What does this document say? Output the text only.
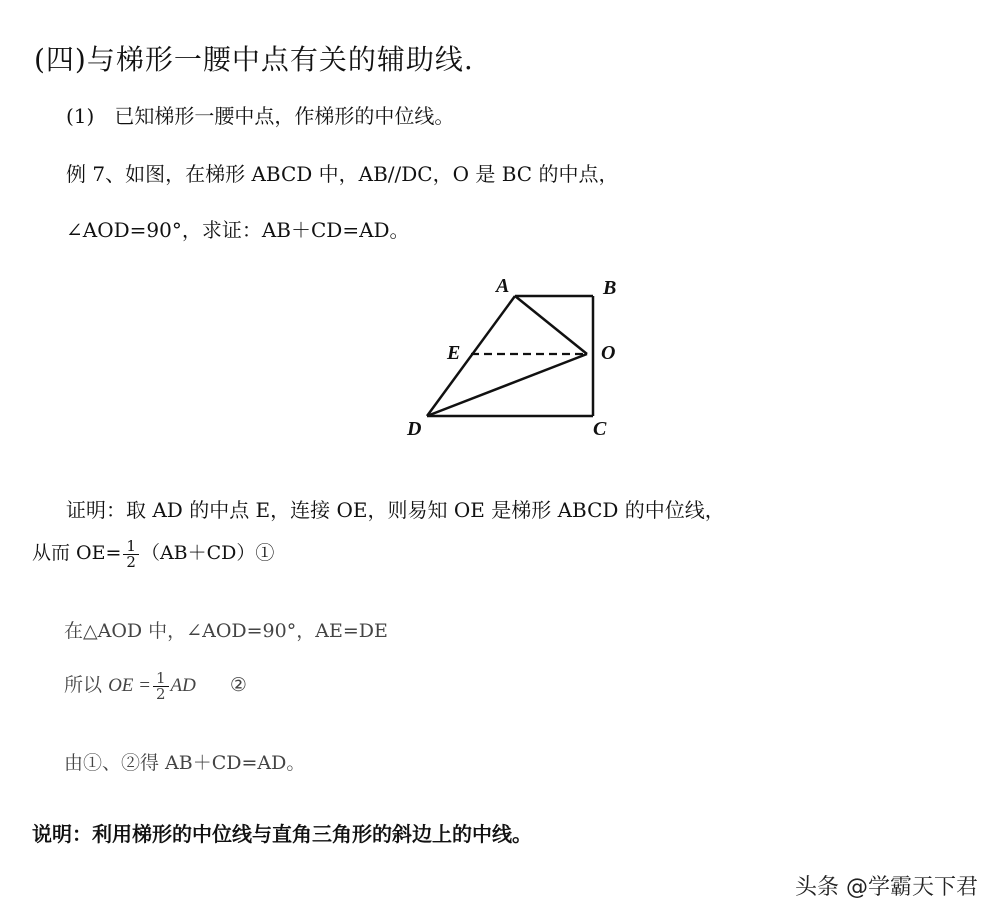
(四)与梯形一腰中点有关的辅助线.
(1)　已知梯形一腰中点，作梯形的中位线。
例 7、如图，在梯形 ABCD 中，AB//DC，O 是 BC 的中点，
∠AOD=90°，求证：AB＋CD=AD。
A	B
O
E
D	C
证明：取 AD 的中点 E，连接 OE，则易知 OE 是梯形 ABCD 的中位线，
从而 $OE= \frac{1}{2}$ （AB＋CD）①
在△AOD 中，∠AOD=90°，AE=DE
所以 OE = $\frac{1}{2}$ AD ②
由①、②得 AB＋CD=AD。
说明：利用梯形的中位线与直角三角形的斜边上的中线。
头条 @学霸天下君
